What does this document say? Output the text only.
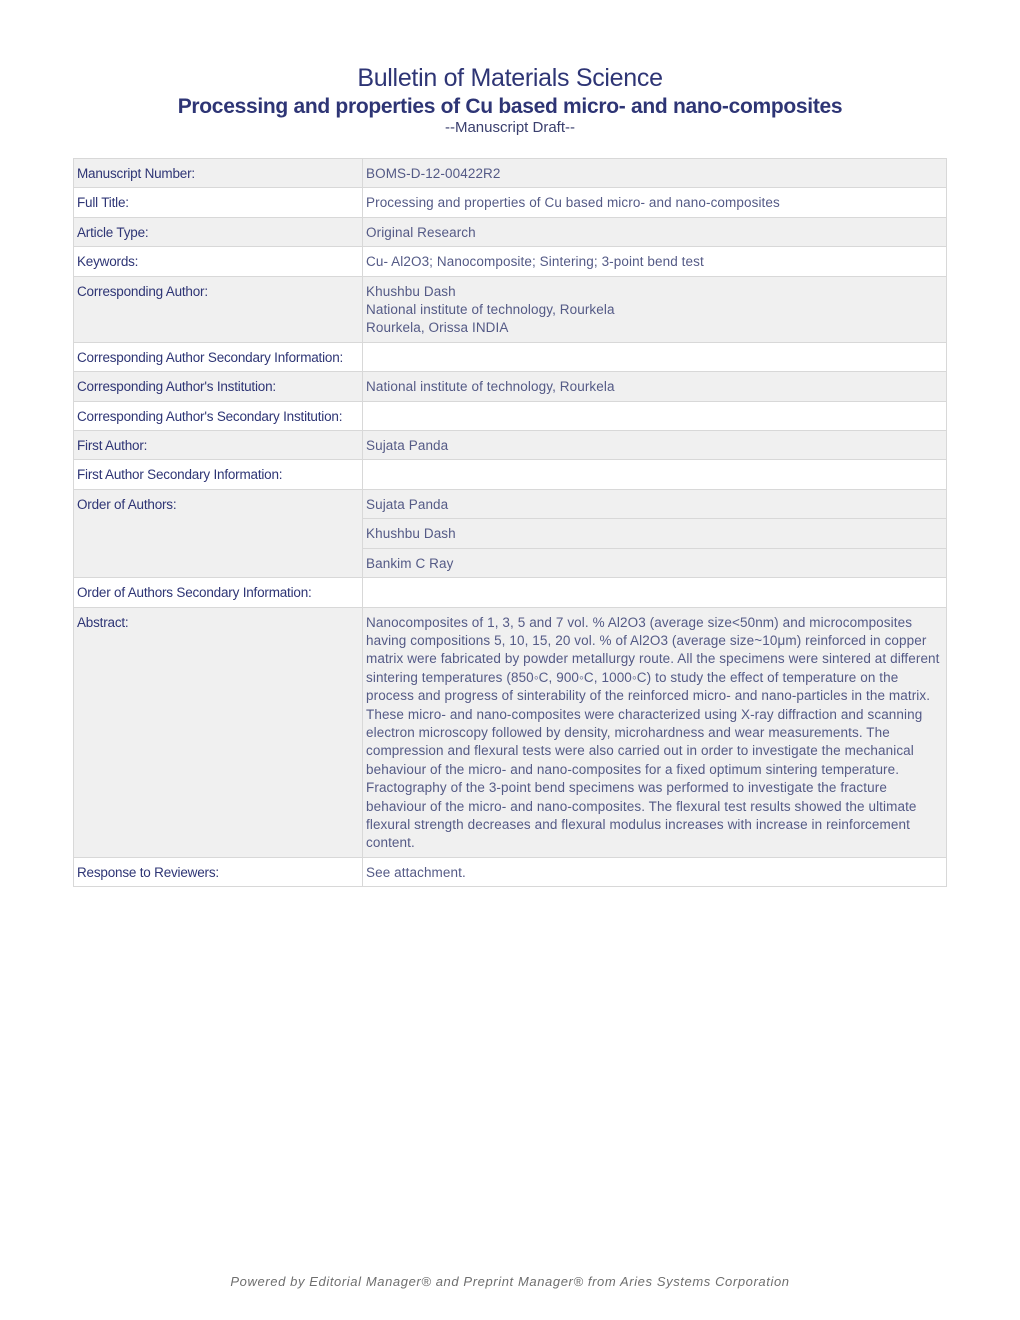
Bulletin of Materials Science
Processing and properties of Cu based micro- and nano-composites
--Manuscript Draft--
Manuscript Number:	BOMS-D-12-00422R2
Full Title:	Processing and properties of Cu based micro- and nano-composites
Article Type:	Original Research
Keywords:	Cu- Al2O3; Nanocomposite; Sintering; 3-point bend test
Corresponding Author:	Khushbu Dash
National institute of technology, Rourkela
Rourkela, Orissa INDIA

Corresponding Author Secondary Information:	
Corresponding Author's Institution:	National institute of technology, Rourkela
Corresponding Author's Secondary Institution:	
First Author:	Sujata Panda
First Author Secondary Information:	
Order of Authors:	Sujata Panda
	Khushbu Dash
	Bankim C Ray
Order of Authors Secondary Information:	
Abstract:	Nanocomposites of 1, 3, 5 and 7 vol. % Al2O3 (average size<50nm) and microcomposites having compositions 5, 10, 15, 20 vol. % of Al2O3 (average size~10μm) reinforced in copper matrix were fabricated by powder metallurgy route. All the specimens were sintered at different sintering temperatures (850◦C, 900◦C, 1000◦C) to study the effect of temperature on the process and progress of sinterability of the reinforced micro- and nano-particles in the matrix. These micro- and nano-composites were characterized using X-ray diffraction and scanning electron microscopy followed by density, microhardness and wear measurements. The compression and flexural tests were also carried out in order to investigate the mechanical behaviour of the micro- and nano-composites for a fixed optimum sintering temperature. Fractography of the 3-point bend specimens was performed to investigate the fracture behaviour of the micro- and nano-composites. The flexural test results showed the ultimate flexural strength decreases and flexural modulus increases with increase in reinforcement content.

Response to Reviewers:	See attachment.
Powered by Editorial Manager® and Preprint Manager® from Aries Systems Corporation
